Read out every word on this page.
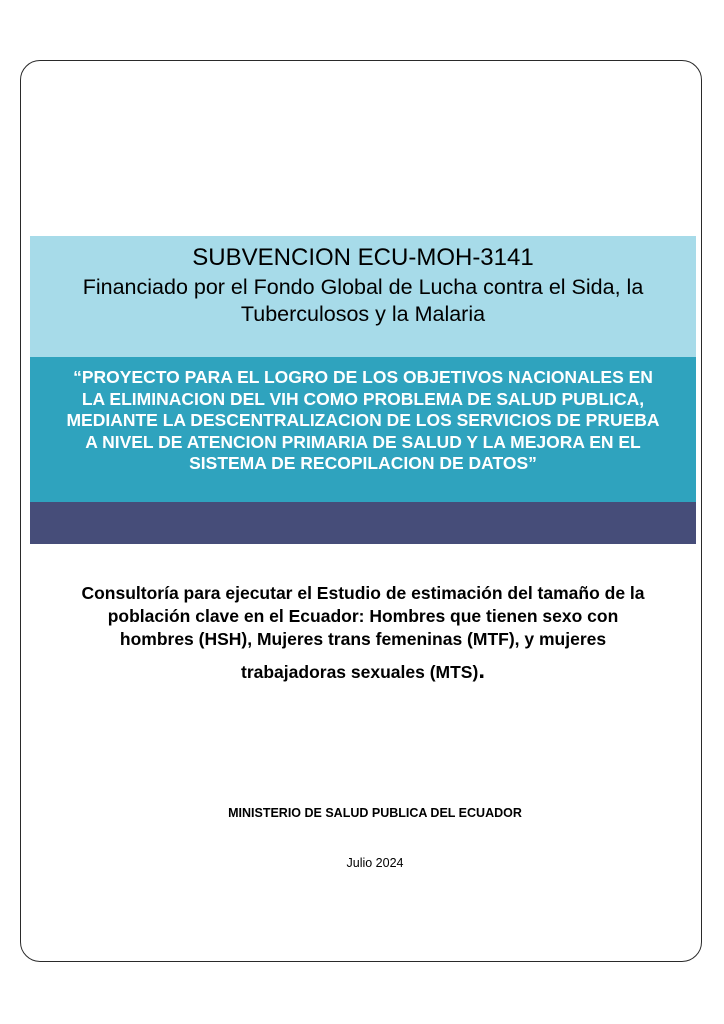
SUBVENCION ECU-MOH-3141
Financiado por el Fondo Global de Lucha contra el Sida, la
Tuberculosos y la Malaria
“PROYECTO PARA EL LOGRO DE LOS OBJETIVOS NACIONALES EN
LA ELIMINACION DEL VIH COMO PROBLEMA DE SALUD PUBLICA,
MEDIANTE LA DESCENTRALIZACION DE LOS SERVICIOS DE PRUEBA
A NIVEL DE ATENCION PRIMARIA DE SALUD Y LA MEJORA EN EL
SISTEMA DE RECOPILACION DE DATOS”
Consultoría para ejecutar el Estudio de estimación del tamaño de la
población clave en el Ecuador: Hombres que tienen sexo con
hombres (HSH), Mujeres trans femeninas (MTF), y mujeres
trabajadoras sexuales (MTS).
MINISTERIO DE SALUD PUBLICA DEL ECUADOR
Julio 2024
